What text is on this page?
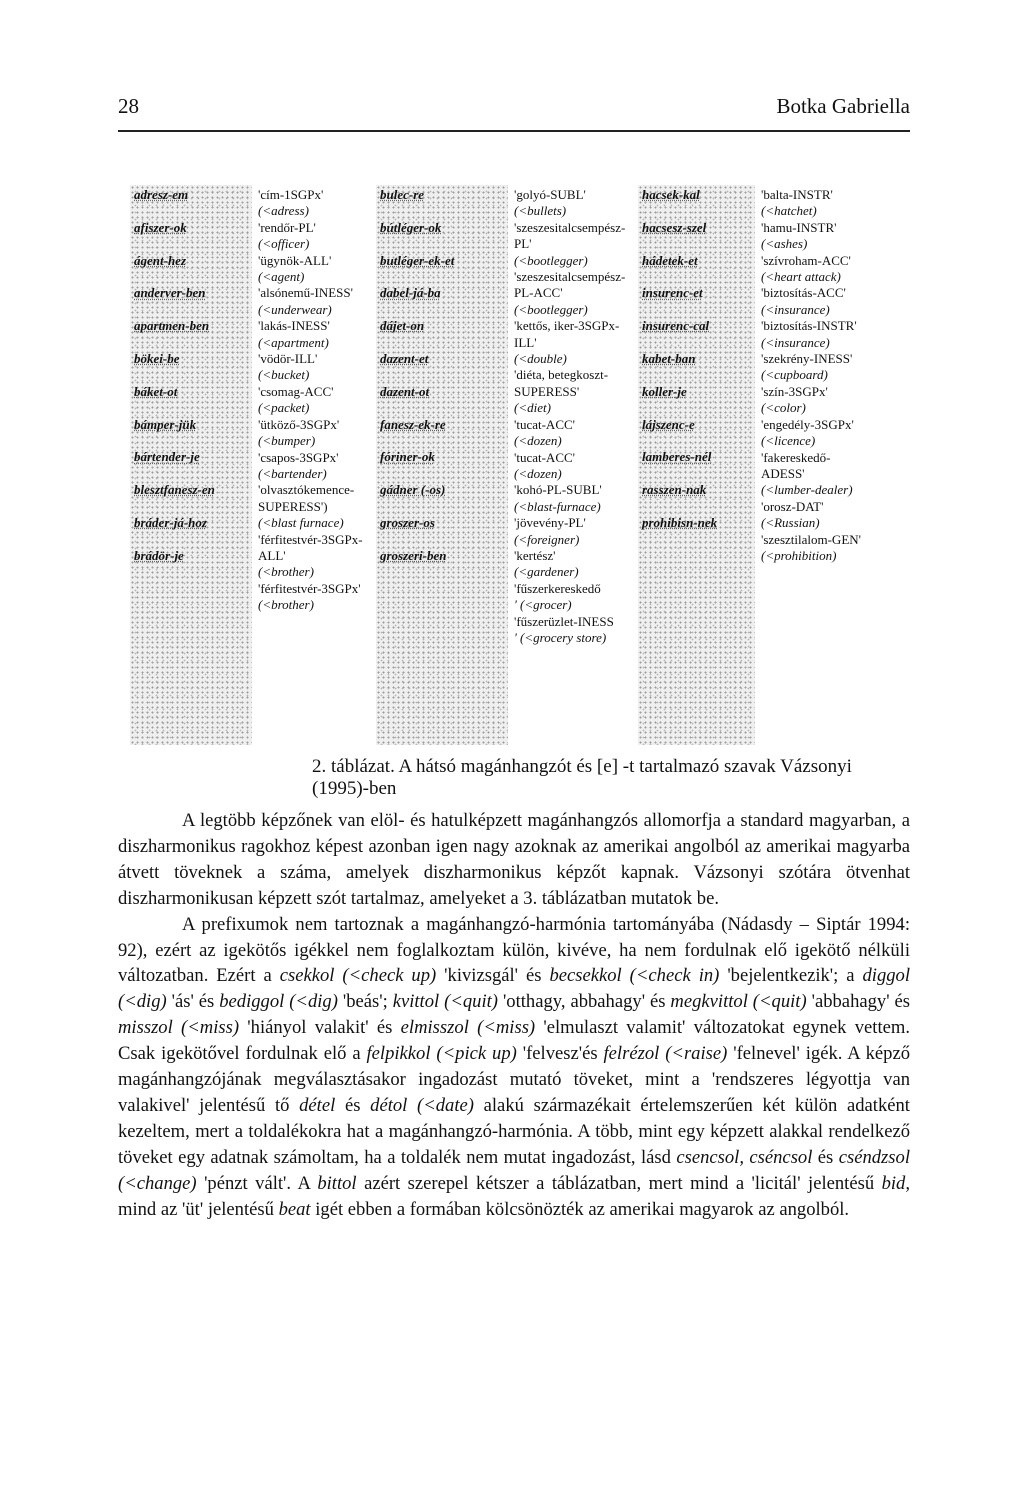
28	Botka Gabriella
adresz-em
afiszer-ok
ágent-hez
anderver-ben
apartmen-ben
bökei-be
báket-ot
bámper-jük
bártender-je
blesztfanesz-en
bráder-já-hoz
brádör-je
'cím-1SGPx'
(<adress)
'rendőr-PL'
(<officer)
'ügynök-ALL'
(<agent)
'alsónemű-INESS'
(<underwear)
'lakás-INESS'
(<apartment)
'vödör-ILL'
(<bucket)
'csomag-ACC'
(<packet)
'ütköző-3SGPx'
(<bumper)
'csapos-3SGPx'
(<bartender)
'olvasztókemence-SUPERESS')
(<blast furnace)
'férfitestvér-3SGPx-ALL'
(<brother)
'férfitestvér-3SGPx'
(<brother)
bulec-re
bútléger-ok
butléger-ek-et
dabel-já-ba
dájet-on
dazent-et
dazent-ot
fanesz-ek-re
fóriner-ok
gádner (-os)
groszer-os
groszeri-ben
'golyó-SUBL'
(<bullets)
'szeszesitalcsempész-PL'
(<bootlegger)
'szeszesitalcsempész-PL-ACC'
(<bootlegger)
'kettős, iker-3SGPx-ILL'
(<double)
'diéta, betegkoszt-SUPERESS'
(<diet)
'tucat-ACC'
(<dozen)
'tucat-ACC'
(<dozen)
'kohó-PL-SUBL'
(<blast-furnace)
'jövevény-PL'
(<foreigner)
'kertész'
(<gardener)
'fűszerkereskedő
' (<grocer)
'fűszerüzlet-INESS
' (<grocery store)
hacsek-kal
hacsesz-szel
hádetek-et
insurenc-et
insurenc-cal
kabet-ban
koller-je
lájszenc-e
lamberes-nél
rasszen-nak
prohibisn-nek
'balta-INSTR'
(<hatchet)
'hamu-INSTR'
(<ashes)
'szívroham-ACC'
(<heart attack)
'biztosítás-ACC'
(<insurance)
'biztosítás-INSTR'
(<insurance)
'szekrény-INESS'
(<cupboard)
'szín-3SGPx'
(<color)
'engedély-3SGPx'
(<licence)
'fakereskedő-ADESS'
(<lumber-dealer)
'orosz-DAT'
(<Russian)
'szesztilalom-GEN'
(<prohibition)
2. táblázat. A hátsó magánhangzót és [e] -t tartalmazó szavak Vázsonyi (1995)-ben

A legtöbb képzőnek van elöl- és hatulképzett magánhangzós allomorfja a standard magyarban, a diszharmonikus ragokhoz képest azonban igen nagy azoknak az amerikai angolból az amerikai magyarba átvett töveknek a száma, amelyek diszharmonikus képzőt kapnak. Vázsonyi szótára ötvenhat diszharmonikusan képzett szót tartalmaz, amelyeket a 3. táblázatban mutatok be.

A prefixumok nem tartoznak a magánhangzó-harmónia tartományába (Nádasdy – Siptár 1994: 92), ezért az igekötős igékkel nem foglalkoztam külön, kivéve, ha nem fordulnak elő igekötő nélküli változatban. Ezért a csekkol (<check up) 'kivizsgál' és becsekkol (<check in) 'bejelentkezik'; a diggol (<dig) 'ás' és bediggol (<dig) 'beás'; kvittol (<quit) 'otthagy, abbahagy' és megkvittol (<quit) 'abbahagy' és misszol (<miss) 'hiányol valakit' és elmisszol (<miss) 'elmulaszt valamit' változatokat egynek vettem. Csak igekötővel fordulnak elő a felpikkol (<pick up) 'felvesz'és felrézol (<raise) 'felnevel' igék. A képző magánhangzójának megválasztásakor ingadozást mutató töveket, mint a 'rendszeres légyottja van valakivel' jelentésű tő détel és détol (<date) alakú származékait értelemszerűen két külön adatként kezeltem, mert a toldalékokra hat a magánhangzó-harmónia. A több, mint egy képzett alakkal rendelkező töveket egy adatnak számoltam, ha a toldalék nem mutat ingadozást, lásd csencsol, cséncsol és cséndzsol (<change) 'pénzt vált'. A bittol azért szerepel kétszer a táblázatban, mert mind a 'licitál' jelentésű bid, mind az 'üt' jelentésű beat igét ebben a formában kölcsönözték az amerikai magyarok az angolból.
